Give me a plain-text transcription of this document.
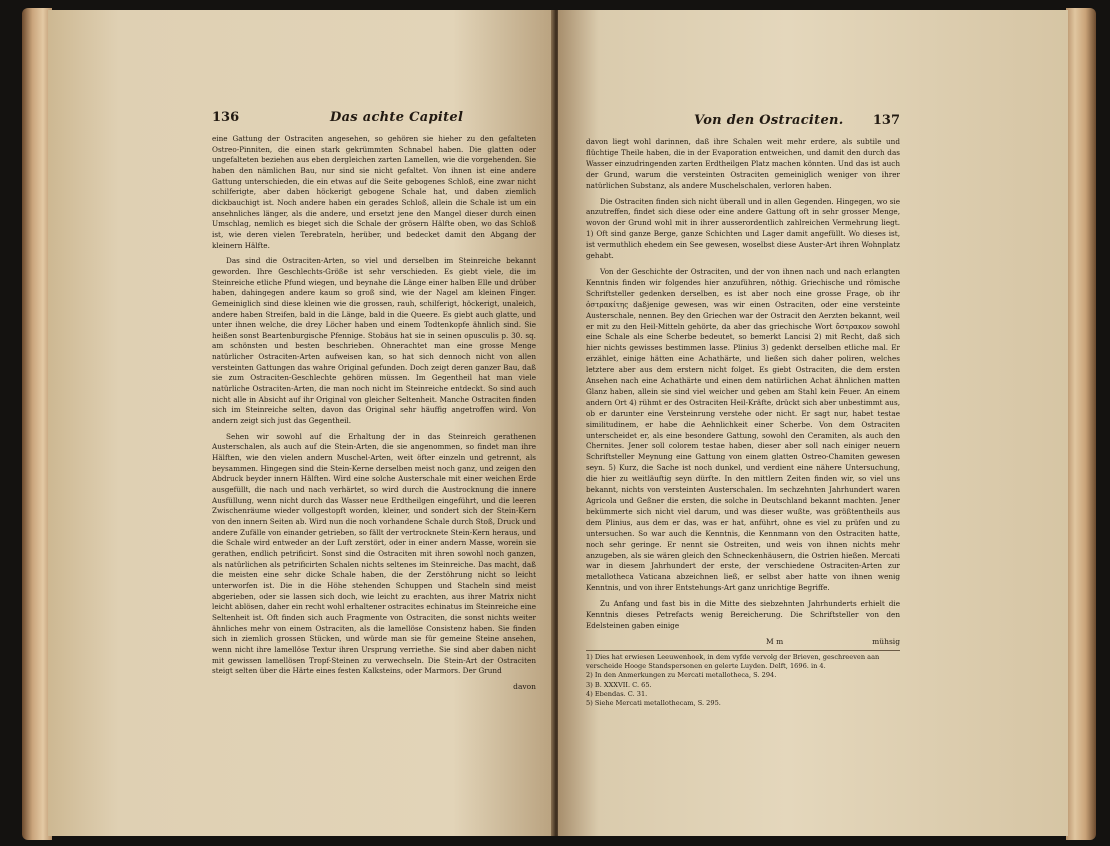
136	Das achte Capitel

eine Gattung der Ostraciten angesehen, so gehören sie hieher zu den gefalteten Ostreo-Pinniten, die einen stark gekrümmten Schnabel haben. Die glatten oder ungefalteten beziehen aus eben dergleichen zarten Lamellen, wie die vorgehenden. Sie haben den nämlichen Bau, nur sind sie nicht gefaltet. Von ihnen ist eine andere Gattung unterschieden, die ein etwas auf die Seite gebogenes Schloß, eine zwar nicht schilferigte, aber daben höckerigt gebogene Schale hat, und daben ziemlich dickbauchigt ist. Noch andere haben ein gerades Schloß, allein die Schale ist um ein ansehnliches länger, als die andere, und ersetzt jene den Mangel dieser durch einen Umschlag, nemlich es bieget sich die Schale der grösern Hälfte oben, wo das Schloß ist, wie deren vielen Terebrateln, herüber, und bedecket damit den Abgang der kleinern Hälfte.

Das sind die Ostraciten-Arten, so viel und derselben im Steinreiche bekannt geworden. Ihre Geschlechts-Größe ist sehr verschieden. Es giebt viele, die im Steinreiche etliche Pfund wiegen, und beynahe die Länge einer halben Elle und drüber haben, dahingegen andere kaum so groß sind, wie der Nagel am kleinen Finger. Gemeiniglich sind diese kleinen wie die grossen, rauh, schilferigt, höckerigt, unaleich, andere haben Streifen, bald in die Länge, bald in die Queere. Es giebt auch glatte, und unter ihnen welche, die drey Löcher haben und einem Todtenkopfe ähnlich sind. Sie heißen sonst Beartenburgische Pfennige. Stobäus hat sie in seinen opusculis p. 30. sq. am schönsten und besten beschrieben. Ohnerachtet man eine grosse Menge natürlicher Ostraciten-Arten aufweisen kan, so hat sich dennoch nicht von allen versteinten Gattungen das wahre Original gefunden. Doch zeigt deren ganzer Bau, daß sie zum Ostraciten-Geschlechte gehören müssen. Im Gegentheil hat man viele natürliche Ostraciten-Arten, die man noch nicht im Steinreiche entdeckt. So sind auch nicht alle in Absicht auf ihr Original von gleicher Seltenheit. Manche Ostraciten finden sich im Steinreiche selten, davon das Original sehr häuffig angetroffen wird. Von andern zeigt sich just das Gegentheil.

Sehen wir sowohl auf die Erhaltung der in das Steinreich gerathenen Austerschalen, als auch auf die Stein-Arten, die sie angenommen, so findet man ihre Hälften, wie den vielen andern Muschel-Arten, weit öfter einzeln und getrennt, als beysammen. Hingegen sind die Stein-Kerne derselben meist noch ganz, und zeigen den Abdruck beyder innern Hälften. Wird eine solche Austerschale mit einer weichen Erde ausgefüllt, die nach und nach verhärtet, so wird durch die Austrocknung die innere Ausfüllung, wenn nicht durch das Wasser neue Erdtheilgen eingeführt, und die leeren Zwischenräume wieder vollgestopft worden, kleiner, und sondert sich der Stein-Kern von den innern Seiten ab. Wird nun die noch vorhandene Schale durch Stoß, Druck und andere Zufälle von einander getrieben, so fällt der vertrocknete Stein-Kern heraus, und die Schale wird entweder an der Luft zerstört, oder in einer andern Masse, worein sie gerathen, endlich petrificirt. Sonst sind die Ostraciten mit ihren sowohl noch ganzen, als natürlichen als petrificirten Schalen nichts seltenes im Steinreiche. Das macht, daß die meisten eine sehr dicke Schale haben, die der Zerstöhrung nicht so leicht unterworfen ist. Die in die Höhe stehenden Schuppen und Stacheln sind meist abgerieben, oder sie lassen sich doch, wie leicht zu erachten, aus ihrer Matrix nicht leicht ablösen, daher ein recht wohl erhaltener ostracites echinatus im Steinreiche eine Seltenheit ist. Oft finden sich auch Fragmente von Ostraciten, die sonst nichts weiter ähnliches mehr von einem Ostraciten, als die lamellöse Consistenz haben. Sie finden sich in ziemlich grossen Stücken, und würde man sie für gemeine Steine ansehen, wenn nicht ihre lamellöse Textur ihren Ursprung verriethe. Sie sind aber daben nicht mit gewissen lamellösen Tropf-Steinen zu verwechseln. Die Stein-Art der Ostraciten steigt selten über die Härte eines festen Kalksteins, oder Marmors. Der Grund

davon
Von den Ostraciten. 137

davon liegt wohl darinnen, daß ihre Schalen weit mehr erdere, als subtile und flüchtige Theile haben, die in der Evaporation entweichen, und damit den durch das Wasser einzudringenden zarten Erdtheilgen Platz machen könnten. Und das ist auch der Grund, warum die versteinten Ostraciten gemeiniglich weniger von ihrer natürlichen Substanz, als andere Muschelschalen, verloren haben.

Die Ostraciten finden sich nicht überall und in allen Gegenden. Hingegen, wo sie anzutreffen, findet sich diese oder eine andere Gattung oft in sehr grosser Menge, wovon der Grund wohl mit in ihrer ausserordentlich zahlreichen Vermehrung liegt. 1) Oft sind ganze Berge, ganze Schichten und Lager damit angefüllt. Wo dieses ist, ist vermuthlich ehedem ein See gewesen, woselbst diese Auster-Art ihren Wohnplatz gehabt.

Von der Geschichte der Ostraciten, und der von ihnen nach und nach erlangten Kenntnis finden wir folgendes hier anzuführen, nöthig. Griechische und römische Schriftsteller gedenken derselben, es ist aber noch eine grosse Frage, ob ihr ὀστρακίτης daßjenige gewesen, was wir einen Ostraciten, oder eine versteinte Austerschale, nennen. Bey den Griechen war der Ostracit den Aerzten bekannt, weil er mit zu den Heil-Mitteln gehörte, da aber das griechische Wort ὄστρακον sowohl eine Schale als eine Scherbe bedeutet, so bemerkt Lancisi 2) mit Recht, daß sich hier nichts gewisses bestimmen lasse. Plinius 3) gedenkt derselben etliche mal. Er erzählet, einige hätten eine Achathärte, und ließen sich daher poliren, welches letztere aber aus dem erstern nicht folget. Es giebt Ostraciten, die dem ersten Ansehen nach eine Achathärte und einen dem natürlichen Achat ähnlichen matten Glanz haben, allein sie sind viel weicher und geben am Stahl kein Feuer. An einem andern Ort 4) rühmt er des Ostraciten Heil-Kräfte, drückt sich aber unbestimmt aus, ob er darunter eine Versteinrung verstehe oder nicht. Er sagt nur, habet testae similitudinem, er habe die Aehnlichkeit einer Scherbe. Von dem Ostraciten unterscheidet er, als eine besondere Gattung, sowohl den Ceramiten, als auch den Chernites. Jener soll colorem testae haben, dieser aber soll nach einiger neuern Schriftsteller Meynung eine Gattung von einem glatten Ostreo-Chamiten gewesen seyn. 5) Kurz, die Sache ist noch dunkel, und verdient eine nähere Untersuchung, die hier zu weitläuftig seyn dürfte. In den mittlern Zeiten finden wir, so viel uns bekannt, nichts von versteinten Austerschalen. Im sechzehnten Jahrhundert waren Agricola und Geßner die ersten, die solche in Deutschland bekannt machten. Jener bekümmerte sich nicht viel darum, und was dieser wußte, was größtentheils aus dem Plinius, aus dem er das, was er hat, anführt, ohne es viel zu prüfen und zu untersuchen. So war auch die Kenntnis, die Kennmann von den Ostraciten hatte, noch sehr geringe. Er nennt sie Ostreiten, und weis von ihnen nichts mehr anzugeben, als sie wären gleich den Schneckenhäusern, die Ostrien hießen. Mercati war in diesem Jahrhundert der erste, der verschiedene Ostraciten-Arten zur metallotheca Vaticana abzeichnen ließ, er selbst aber hatte von ihnen wenig Kenntnis, und von ihrer Entstehungs-Art ganz unrichtige Begriffe.

Zu Anfang und fast bis in die Mitte des siebzehnten Jahrhunderts erhielt die Kenntnis dieses Petrefacts wenig Bereicherung. Die Schriftsteller von den Edelsteinen gaben einige

M m	mühsig

1) Dies hat erwiesen Leeuwenhoek, in dem vyfde vervolg der Brieven, geschreeven aan verscheide Hooge Standspersonen en gelerte Luyden. Delft, 1696. in 4.

2) In den Anmerkungen zu Mercati metallotheca, S. 294.

3) B. XXXVII. C. 65.

4) Ebendas. C. 31.

5) Siehe Mercati metallothecam, S. 295.
